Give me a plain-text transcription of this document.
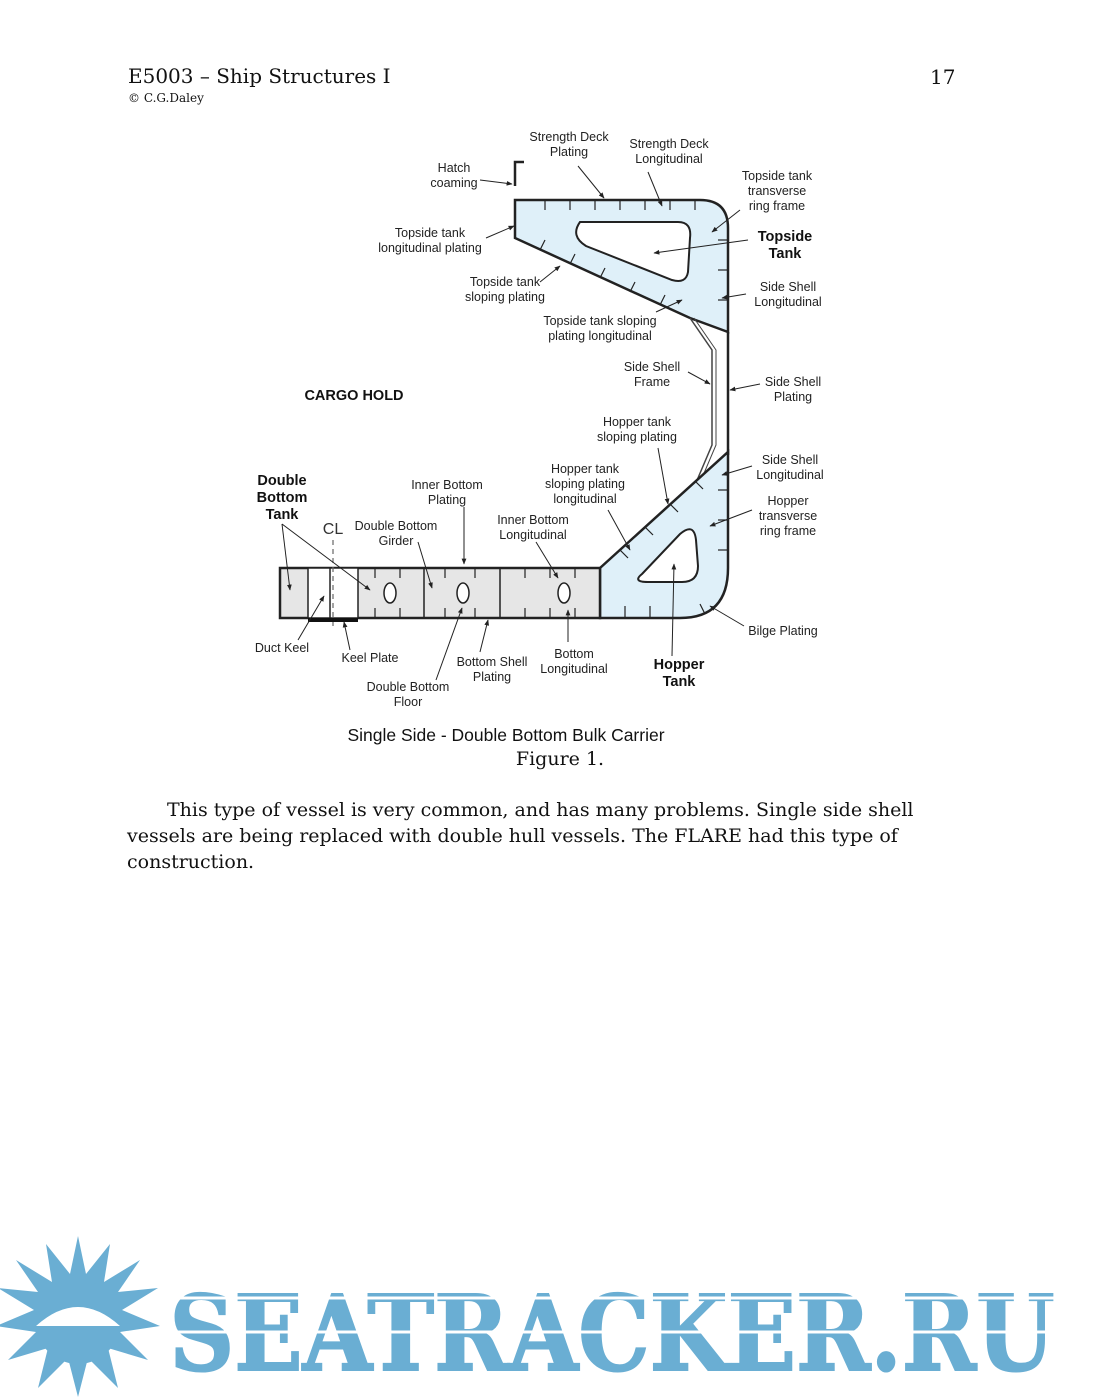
E5003 – Ship Structures I
© C.G.Daley
17
Strength Deck Plating
Strength Deck Longitudinal
Hatch coaming	Topside tank transverse ring frame
Topside tank longitudinal plating
Topside Tank
Topside tank sloping plating
Side Shell Longitudinal
Topside tank sloping plating longitudinal
Side Shell Frame	Side Shell Plating
CARGO HOLD
Hopper tank sloping plating
Side Shell Longitudinal
Hopper tank sloping plating longitudinal
Double Bottom Tank
Inner Bottom Plating	Hopper transverse ring frame
CL Double Bottom Girder
Inner Bottom Longitudinal
Bilge Plating
Duct Keel
Keel Plate	Bottom Shell Plating
Bottom Longitudinal	Hopper Tank
Double Bottom Floor
Single Side - Double Bottom Bulk Carrier
Figure 1.

This type of vessel is very common, and has many problems. Single side shell vessels are being replaced with double hull vessels. The FLARE had this type of construction.

SEATRACKER.RU
